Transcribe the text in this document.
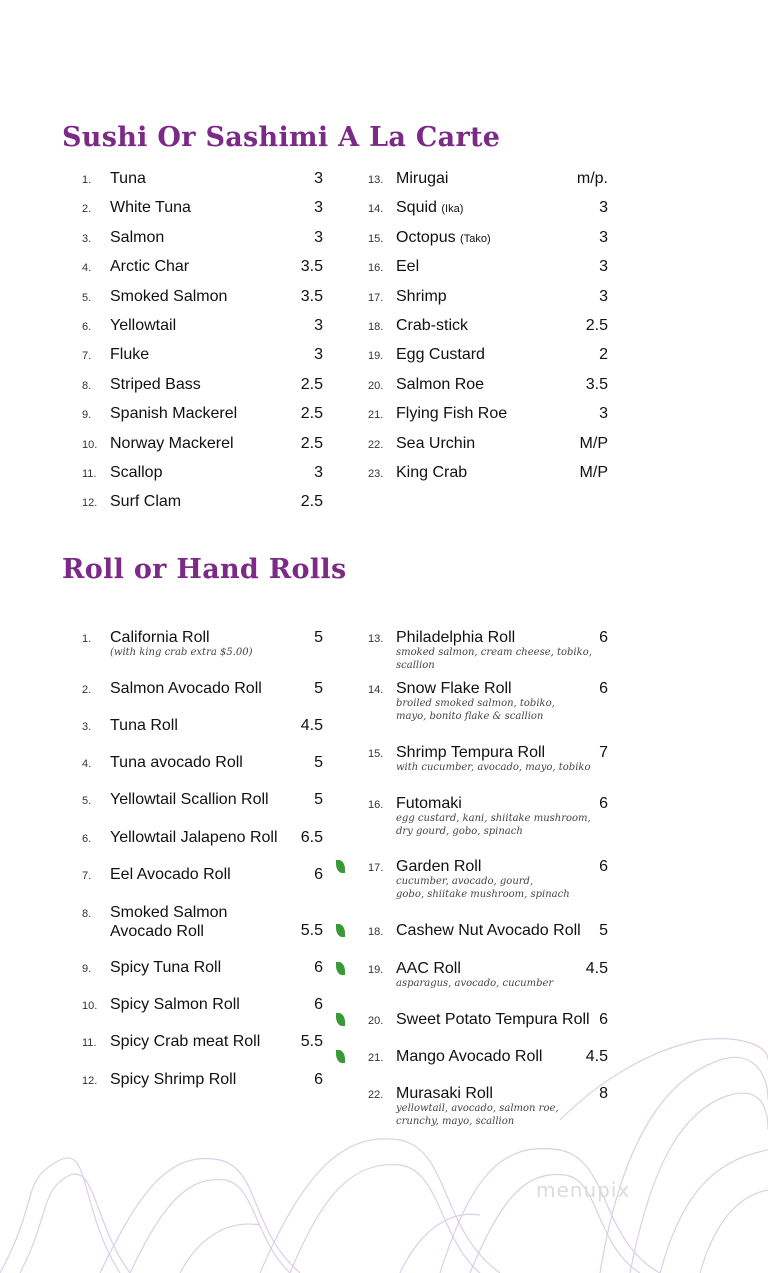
Sushi Or Sashimi A La Carte
Roll or Hand Rolls
1. Tuna	3
2. White Tuna	3
3. Salmon	3
4. Arctic Char	3.5
5. Smoked Salmon	3.5
6. Yellowtail	3
7. Fluke	3
8. Striped Bass	2.5
9. Spanish Mackerel	2.5
10. Norway Mackerel	2.5
11. Scallop	3
12. Surf Clam	2.5
13. Mirugai	m/p.
14. Squid (Ika)	3
15. Octopus (Tako)	3
16. Eel	3
17. Shrimp	3
18. Crab-stick	2.5
19. Egg Custard	2
20. Salmon Roe	3.5
21. Flying Fish Roe	3
22. Sea Urchin	M/P
23. King Crab	M/P
1. California Roll
(with king crab extra $5.00)
5
2. Salmon Avocado Roll	5
3. Tuna Roll	4.5
4. Tuna avocado Roll	5
5. Yellowtail Scallion Roll	5
6. Yellowtail Jalapeno Roll 6.5
7. Eel Avocado Roll	6
8. Smoked Salmon
Avocado Roll	5.5
9. Spicy Tuna Roll	6
10. Spicy Salmon Roll	6
11. Spicy Crab meat Roll	5.5
12. Spicy Shrimp Roll	6
13. Philadelphia Roll
smoked salmon, cream cheese, tobiko, scallion
6
14. Snow Flake Roll
broiled smoked salmon, tobiko,
mayo, bonito flake & scallion
6
15. Shrimp Tempura Roll
with cucumber, avocado, mayo, tobiko
7
16. Futomaki
egg custard, kani, shiitake mushroom,
dry gourd, gobo, spinach
6
17. Garden Roll
cucumber, avocado, gourd,
gobo, shiitake mushroom, spinach
6
18. Cashew Nut Avocado Roll 5
19. AAC Roll
asparagus, avocado, cucumber
4.5
20. Sweet Potato Tempura Roll 6
21. Mango Avocado Roll	4.5
22. Murasaki Roll
yellowtail, avocado, salmon roe,
crunchy, mayo, scallion
8
menupix
